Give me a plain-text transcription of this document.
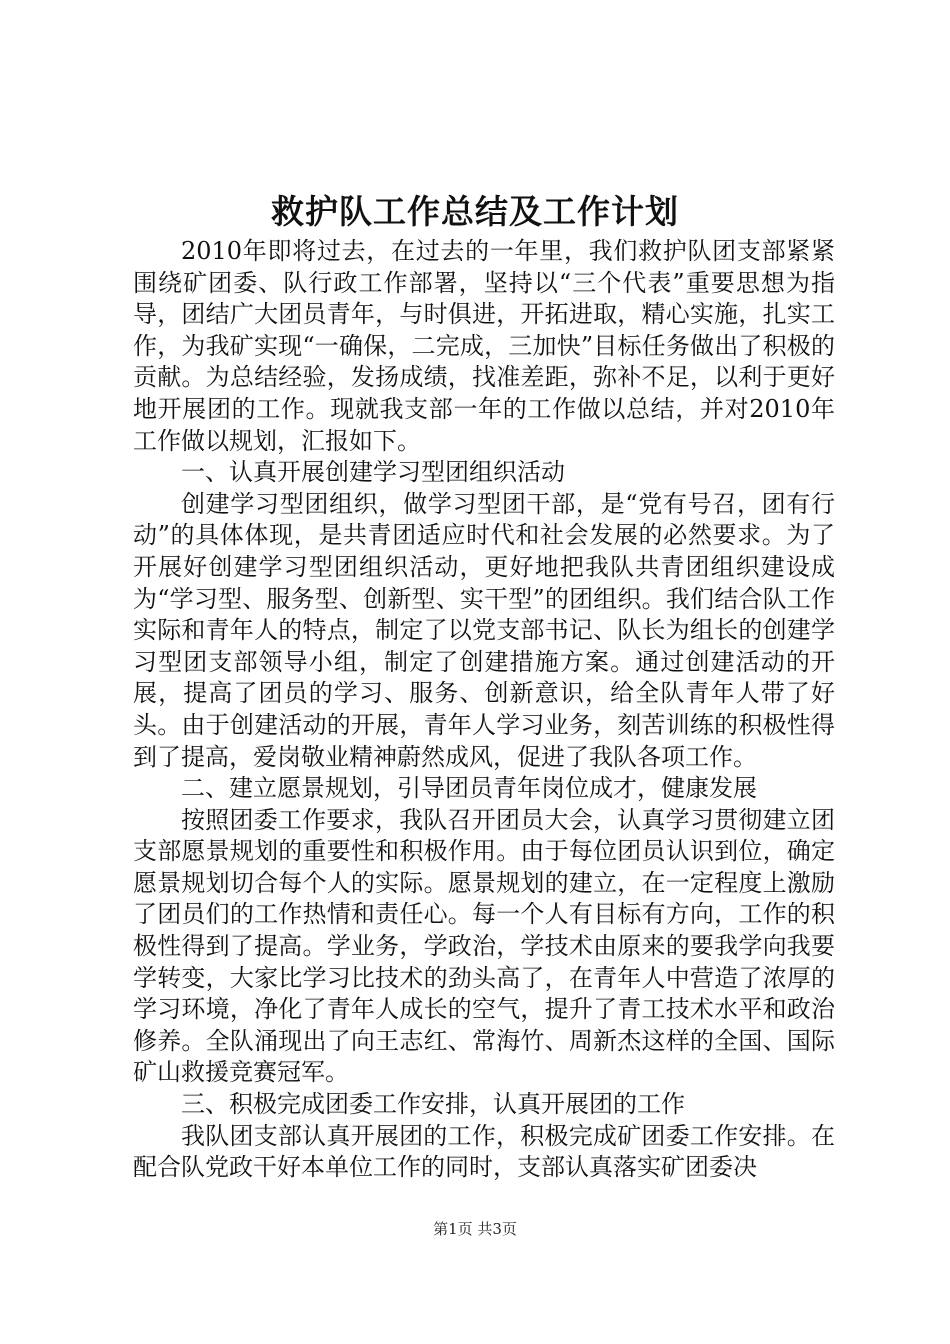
救护队工作总结及工作计划

2010年即将过去，在过去的一年里，我们救护队团支部紧紧围绕矿团委、队行政工作部署，坚持以“三个代表”重要思想为指导，团结广大团员青年，与时俱进，开拓进取，精心实施，扎实工作，为我矿实现“一确保，二完成，三加快”目标任务做出了积极的贡献。为总结经验，发扬成绩，找准差距，弥补不足，以利于更好地开展团的工作。现就我支部一年的工作做以总结，并对2010年工作做以规划，汇报如下。

一、认真开展创建学习型团组织活动

创建学习型团组织，做学习型团干部，是“党有号召，团有行动”的具体体现，是共青团适应时代和社会发展的必然要求。为了开展好创建学习型团组织活动，更好地把我队共青团组织建设成为“学习型、服务型、创新型、实干型”的团组织。我们结合队工作实际和青年人的特点，制定了以党支部书记、队长为组长的创建学习型团支部领导小组，制定了创建措施方案。通过创建活动的开展，提高了团员的学习、服务、创新意识，给全队青年人带了好头。由于创建活动的开展，青年人学习业务，刻苦训练的积极性得到了提高，爱岗敬业精神蔚然成风，促进了我队各项工作。

二、建立愿景规划，引导团员青年岗位成才，健康发展

按照团委工作要求，我队召开团员大会，认真学习贯彻建立团支部愿景规划的重要性和积极作用。由于每位团员认识到位，确定愿景规划切合每个人的实际。愿景规划的建立，在一定程度上激励了团员们的工作热情和责任心。每一个人有目标有方向，工作的积极性得到了提高。学业务，学政治，学技术由原来的要我学向我要学转变，大家比学习比技术的劲头高了，在青年人中营造了浓厚的学习环境，净化了青年人成长的空气，提升了青工技术水平和政治修养。全队涌现出了向王志红、常海竹、周新杰这样的全国、国际矿山救援竞赛冠军。

三、积极完成团委工作安排，认真开展团的工作

我队团支部认真开展团的工作，积极完成矿团委工作安排。在配合队党政干好本单位工作的同时，支部认真落实矿团委决

第1页 共3页
